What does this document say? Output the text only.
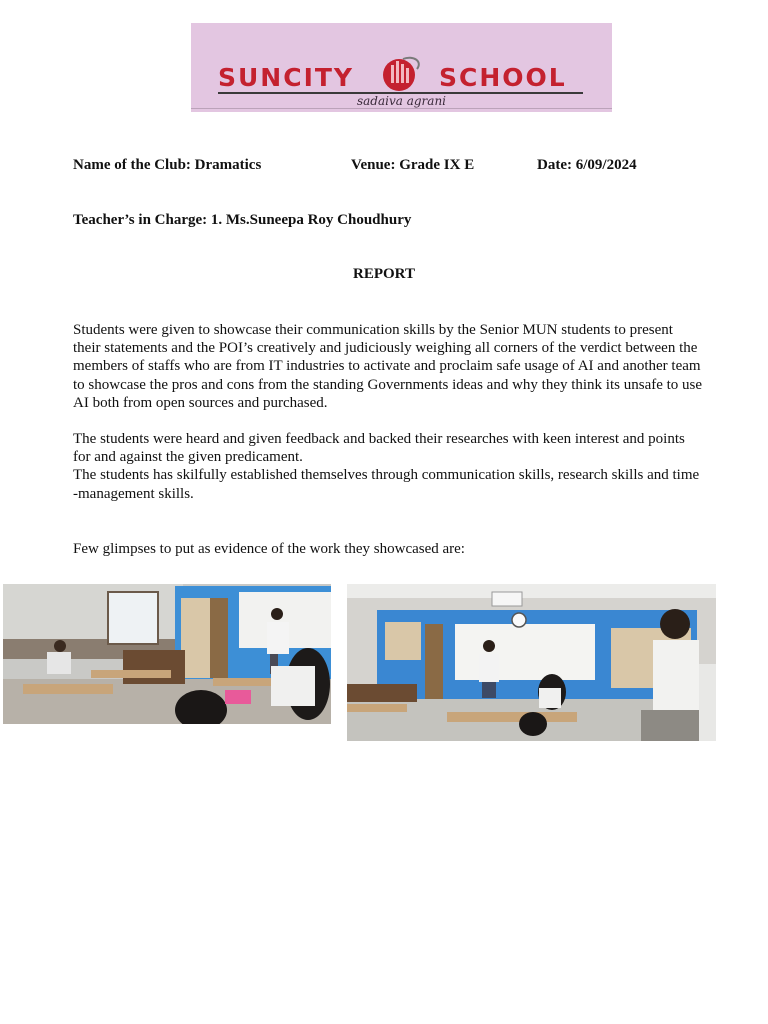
SUNCITY	SCHOOL
sadaiva agrani
Name of the Club: Dramatics	Venue: Grade IX E	Date: 6/09/2024
Teacher’s in Charge: 1. Ms.Suneepa Roy Choudhury
REPORT
Students were given to showcase their communication skills by the Senior MUN students to present their statements and the POI’s creatively and judiciously weighing all corners of the verdict between the members of staffs who are from IT industries to activate and proclaim safe usage of AI and another team to showcase the pros and cons from the standing Governments ideas and why they think its unsafe to use AI both from open sources and purchased.
The students were heard and given feedback and backed their researches with keen interest and points for and against the given predicament.
The students has skilfully established themselves through communication skills, research skills and time -management skills.
Few glimpses to put as evidence of the work they showcased are:
